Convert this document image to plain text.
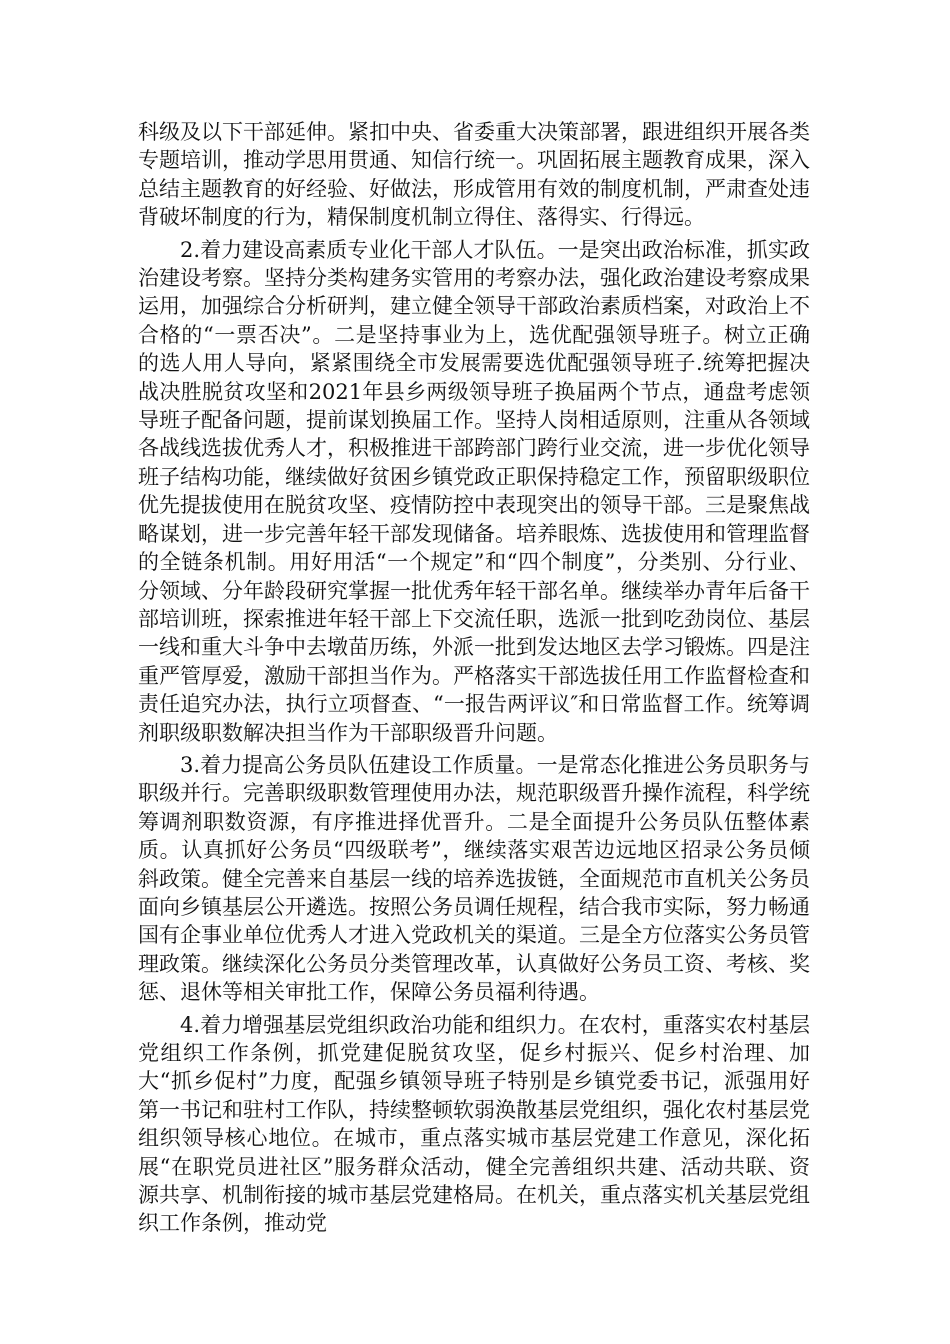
科级及以下干部延伸。紧扣中央、省委重大决策部署，跟进组织开展各类专题培训，推动学思用贯通、知信行统一。巩固拓展主题教育成果，深入总结主题教育的好经验、好做法，形成管用有效的制度机制，严肃查处违背破坏制度的行为，精保制度机制立得住、落得实、行得远。

2.着力建设高素质专业化干部人才队伍。一是突出政治标准，抓实政治建设考察。坚持分类构建务实管用的考察办法，强化政治建设考察成果运用，加强综合分析研判，建立健全领导干部政治素质档案，对政治上不合格的“一票否决”。二是坚持事业为上，选优配强领导班子。树立正确的选人用人导向，紧紧围绕全市发展需要选优配强领导班子.统筹把握决战决胜脱贫攻坚和2021年县乡两级领导班子换届两个节点，通盘考虑领导班子配备问题，提前谋划换届工作。坚持人岗相适原则，注重从各领域各战线选拔优秀人才，积极推进干部跨部门跨行业交流，进一步优化领导班子结构功能，继续做好贫困乡镇党政正职保持稳定工作，预留职级职位优先提拔使用在脱贫攻坚、疫情防控中表现突出的领导干部。三是聚焦战略谋划，进一步完善年轻干部发现储备。培养眼炼、选拔使用和管理监督的全链条机制。用好用活“一个规定”和“四个制度”，分类别、分行业、分领域、分年龄段研究掌握一批优秀年轻干部名单。继续举办青年后备干部培训班，探索推进年轻干部上下交流任职，选派一批到吃劲岗位、基层一线和重大斗争中去墩苗历练，外派一批到发达地区去学习锻炼。四是注重严管厚爱，激励干部担当作为。严格落实干部选拔任用工作监督检查和责任追究办法，执行立项督查、“一报告两评议″和日常监督工作。统筹调剂职级职数解决担当作为干部职级晋升问题。

3.着力提高公务员队伍建设工作质量。一是常态化推进公务员职务与职级并行。完善职级职数管理使用办法，规范职级晋升操作流程，科学统筹调剂职数资源，有序推进择优晋升。二是全面提升公务员队伍整体素质。认真抓好公务员“四级联考”，继续落实艰苦边远地区招录公务员倾斜政策。健全完善来自基层一线的培养选拔链，全面规范市直机关公务员面向乡镇基层公开遴选。按照公务员调任规程，结合我市实际，努力畅通国有企事业单位优秀人才进入党政机关的渠道。三是全方位落实公务员管理政策。继续深化公务员分类管理改革，认真做好公务员工资、考核、奖惩、退休等相关审批工作，保障公务员福利待遇。

4.着力增强基层党组织政治功能和组织力。在农村，重落实农村基层党组织工作条例，抓党建促脱贫攻坚，促乡村振兴、促乡村治理、加大“抓乡促村”力度，配强乡镇领导班子特别是乡镇党委书记，派强用好第一书记和驻村工作队，持续整顿软弱涣散基层党组织，强化农村基层党组织领导核心地位。在城市，重点落实城市基层党建工作意见，深化拓展“在职党员进社区”服务群众活动，健全完善组织共建、活动共联、资源共享、机制衔接的城市基层党建格局。在机关，重点落实机关基层党组织工作条例，推动党
